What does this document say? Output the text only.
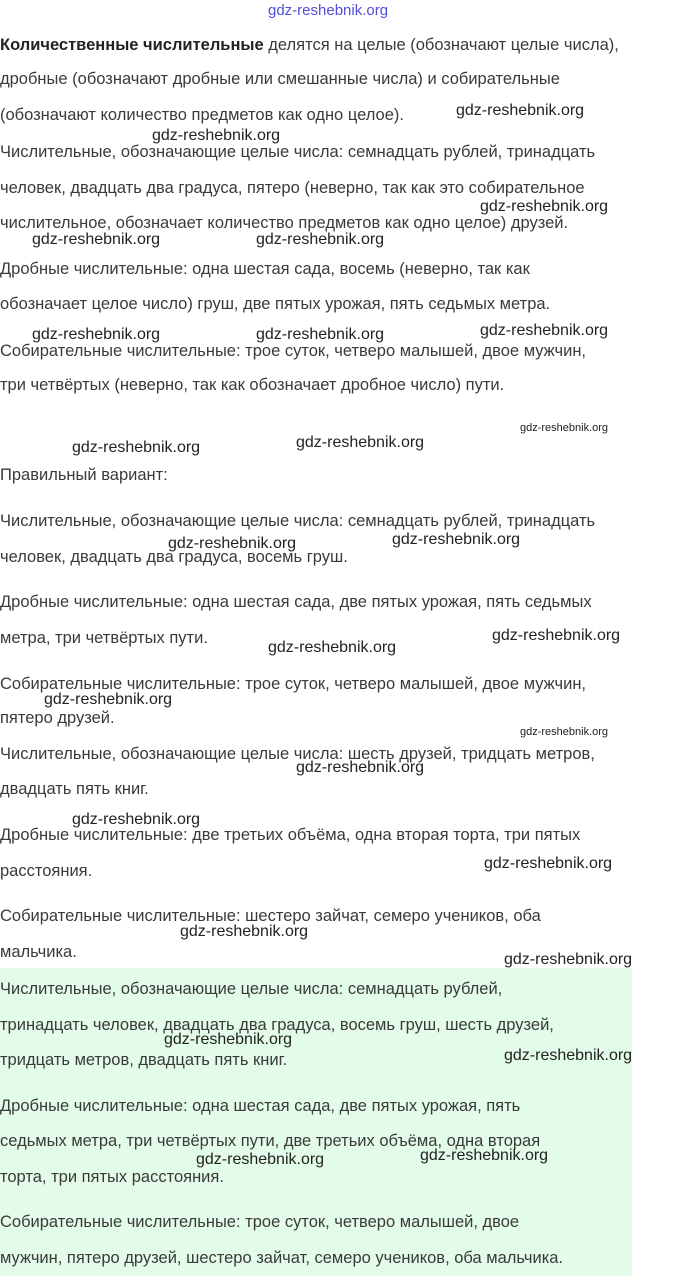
Количественные числительные делятся на целые (обозначают целые числа),
дробные (обозначают дробные или смешанные числа) и собирательные
(обозначают количество предметов как одно целое).
Числительные, обозначающие целые числа: семнадцать рублей, тринадцать
человек, двадцать два градуса, пятеро (неверно, так как это собирательное
числительное, обозначает количество предметов как одно целое) друзей.
Дробные числительные: одна шестая сада, восемь (неверно, так как
обозначает целое число) груш, две пятых урожая, пять седьмых метра.
Собирательные числительные: трое суток, четверо малышей, двое мужчин,
три четвёртых (неверно, так как обозначает дробное число) пути.
Правильный вариант:
Числительные, обозначающие целые числа: семнадцать рублей, тринадцать
человек, двадцать два градуса, восемь груш.
Дробные числительные: одна шестая сада, две пятых урожая, пять седьмых
метра, три четвёртых пути.
Собирательные числительные: трое суток, четверо малышей, двое мужчин,
пятеро друзей.
Числительные, обозначающие целые числа: шесть друзей, тридцать метров,
двадцать пять книг.
Дробные числительные: две третьих объёма, одна вторая торта, три пятых
расстояния.
Собирательные числительные: шестеро зайчат, семеро учеников, оба
мальчика.
Числительные, обозначающие целые числа: семнадцать рублей,
тринадцать человек, двадцать два градуса, восемь груш, шесть друзей,
тридцать метров, двадцать пять книг.
Дробные числительные: одна шестая сада, две пятых урожая, пять
седьмых метра, три четвёртых пути, две третьих объёма, одна вторая
торта, три пятых расстояния.
Собирательные числительные: трое суток, четверо малышей, двое
мужчин, пятеро друзей, шестеро зайчат, семеро учеников, оба мальчика.
gdz-reshebnik.org
gdz-reshebnik.org
gdz-reshebnik.org
gdz-reshebnik.org
gdz-reshebnik.org	gdz-reshebnik.org
gdz-reshebnik.org
gdz-reshebnik.org	gdz-reshebnik.org
gdz-reshebnik.org
gdz-reshebnik.org
gdz-reshebnik.org
gdz-reshebnik.org
gdz-reshebnik.org
gdz-reshebnik.org
gdz-reshebnik.org
gdz-reshebnik.org
gdz-reshebnik.org
gdz-reshebnik.org
gdz-reshebnik.org
gdz-reshebnik.org
gdz-reshebnik.org
gdz-reshebnik.org
gdz-reshebnik.org
gdz-reshebnik.org
gdz-reshebnik.org
gdz-reshebnik.org
